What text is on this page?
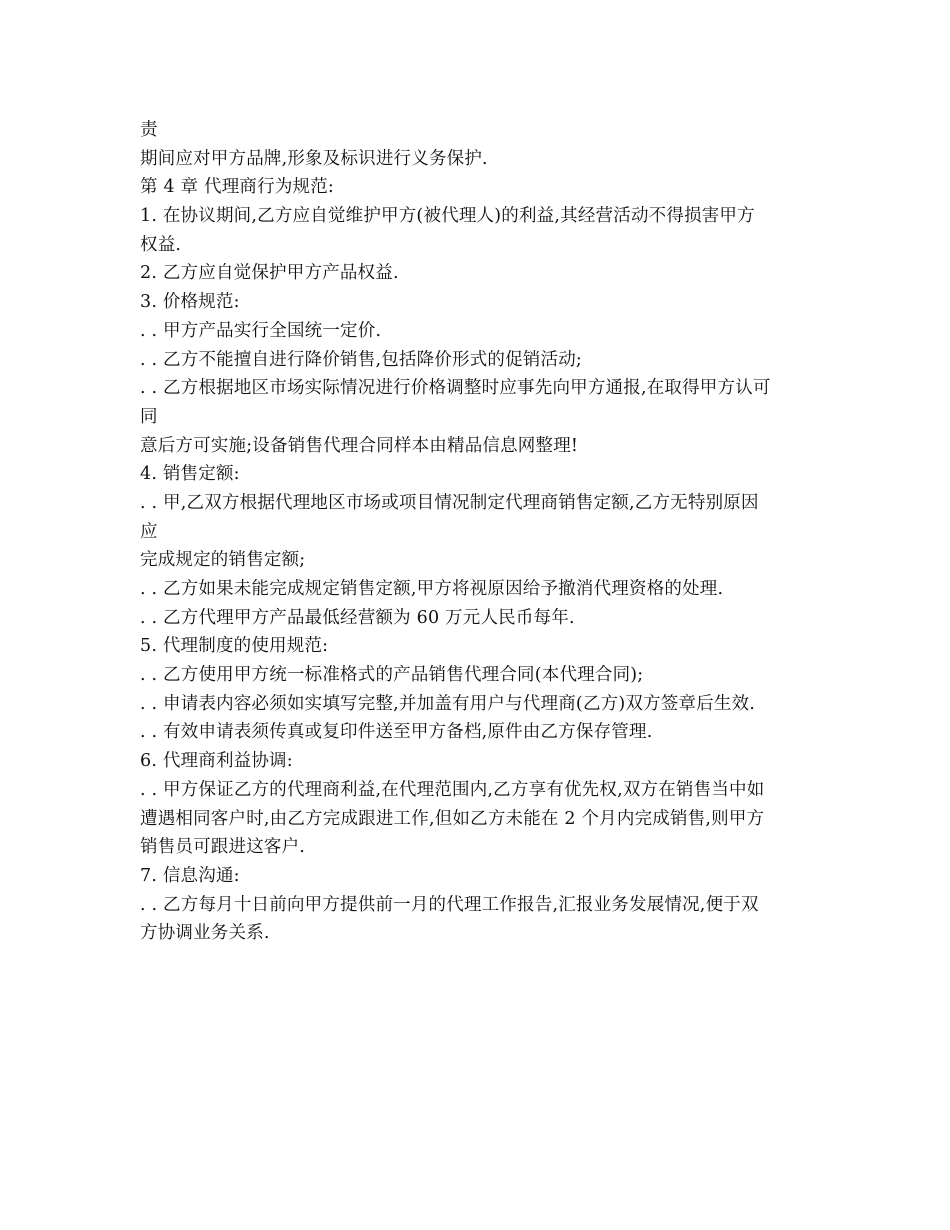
责
期间应对甲方品牌,形象及标识进行义务保护.
第 4 章 代理商行为规范:
1. 在协议期间,乙方应自觉维护甲方(被代理人)的利益,其经营活动不得损害甲方
权益.
2. 乙方应自觉保护甲方产品权益.
3. 价格规范:
. . 甲方产品实行全国统一定价.
. . 乙方不能擅自进行降价销售,包括降价形式的促销活动;
. . 乙方根据地区市场实际情况进行价格调整时应事先向甲方通报,在取得甲方认可
同
意后方可实施;设备销售代理合同样本由精品信息网整理!
4. 销售定额:
. . 甲,乙双方根据代理地区市场或项目情况制定代理商销售定额,乙方无特别原因
应
完成规定的销售定额;
. . 乙方如果未能完成规定销售定额,甲方将视原因给予撤消代理资格的处理.
. . 乙方代理甲方产品最低经营额为 60 万元人民币每年.
5. 代理制度的使用规范:
. . 乙方使用甲方统一标准格式的产品销售代理合同(本代理合同);
. . 申请表内容必须如实填写完整,并加盖有用户与代理商(乙方)双方签章后生效.
. . 有效申请表须传真或复印件送至甲方备档,原件由乙方保存管理.
6. 代理商利益协调:
. . 甲方保证乙方的代理商利益,在代理范围内,乙方享有优先权,双方在销售当中如
遭遇相同客户时,由乙方完成跟进工作,但如乙方未能在 2 个月内完成销售,则甲方
销售员可跟进这客户.
7. 信息沟通:
. . 乙方每月十日前向甲方提供前一月的代理工作报告,汇报业务发展情况,便于双
方协调业务关系.
